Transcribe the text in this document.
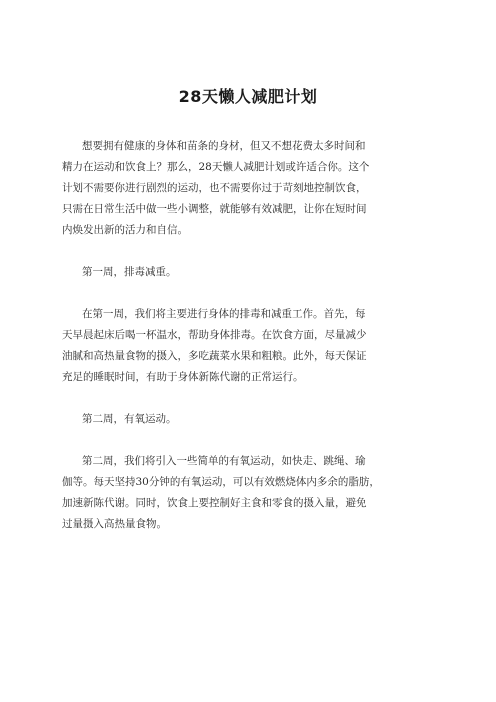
28天懒人减肥计划
想要拥有健康的身体和苗条的身材，但又不想花费太多时间和
精力在运动和饮食上？那么，28天懒人减肥计划或许适合你。这个
计划不需要你进行剧烈的运动，也不需要你过于苛刻地控制饮食，
只需在日常生活中做一些小调整，就能够有效减肥，让你在短时间
内焕发出新的活力和自信。
第一周，排毒减重。
在第一周，我们将主要进行身体的排毒和减重工作。首先，每
天早晨起床后喝一杯温水，帮助身体排毒。在饮食方面，尽量减少
油腻和高热量食物的摄入，多吃蔬菜水果和粗粮。此外，每天保证
充足的睡眠时间，有助于身体新陈代谢的正常运行。
第二周，有氧运动。
第二周，我们将引入一些简单的有氧运动，如快走、跳绳、瑜
伽等。每天坚持30分钟的有氧运动，可以有效燃烧体内多余的脂肪，
加速新陈代谢。同时，饮食上要控制好主食和零食的摄入量，避免
过量摄入高热量食物。
